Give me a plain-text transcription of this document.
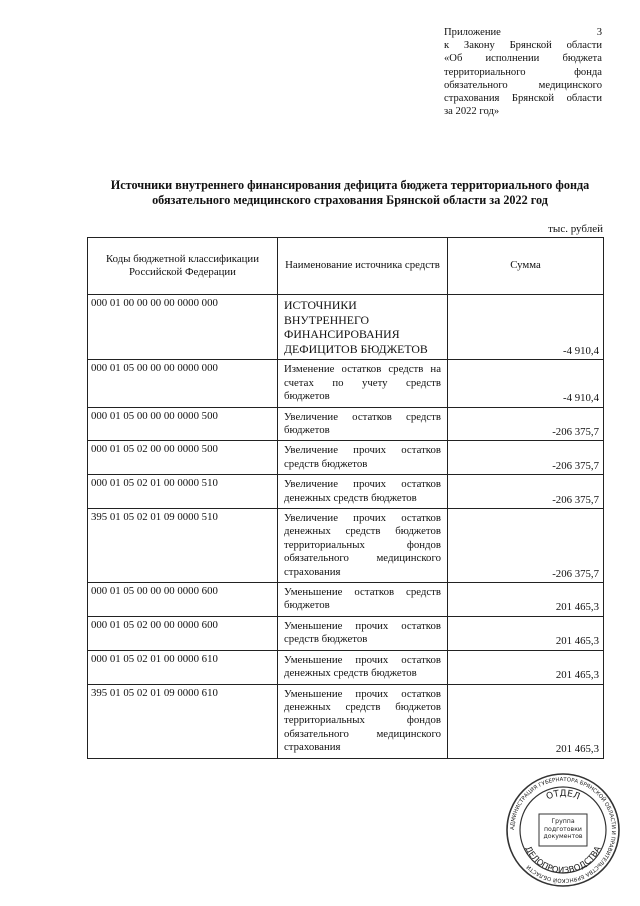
Приложение 3
к Закону Брянской области
«Об исполнении бюджета
территориального фонда
обязательного медицинского
страхования Брянской области
за 2022 год»
Источники внутреннего финансирования дефицита бюджета территориального фонда обязательного медицинского страхования Брянской области за 2022 год
тыс. рублей
Коды бюджетной классификации Российской Федерации	Наименование источника средств	Сумма
000 01 00 00 00 00 0000 000	ИСТОЧНИКИ ВНУТРЕННЕГО ФИНАНСИРОВАНИЯ ДЕФИЦИТОВ БЮДЖЕТОВ	-4 910,4
000 01 05 00 00 00 0000 000	Изменение остатков средств на счетах по учету средств бюджетов	-4 910,4
000 01 05 00 00 00 0000 500	Увеличение остатков средств бюджетов	-206 375,7
000 01 05 02 00 00 0000 500	Увеличение прочих остатков средств бюджетов	-206 375,7
000 01 05 02 01 00 0000 510	Увеличение прочих остатков денежных средств бюджетов	-206 375,7
395 01 05 02 01 09 0000 510	Увеличение прочих остатков денежных средств бюджетов территориальных фондов обязательного медицинского страхования	-206 375,7
000 01 05 00 00 00 0000 600	Уменьшение остатков средств бюджетов	201 465,3
000 01 05 02 00 00 0000 600	Уменьшение прочих остатков средств бюджетов	201 465,3
000 01 05 02 01 00 0000 610	Уменьшение прочих остатков денежных средств бюджетов	201 465,3
395 01 05 02 01 09 0000 610	Уменьшение прочих остатков денежных средств бюджетов территориальных фондов обязательного медицинского страхования	201 465,3
АДМИНИСТРАЦИЯ ГУБЕРНАТОРА БРЯНСКОЙ ОБЛАСТИ И ПРАВИТЕЛЬСТВА БРЯНСКОЙ ОБЛАСТИ
ОТДЕЛ
ДЕЛОПРОИЗВОДСТВА
Группа подготовки документов
